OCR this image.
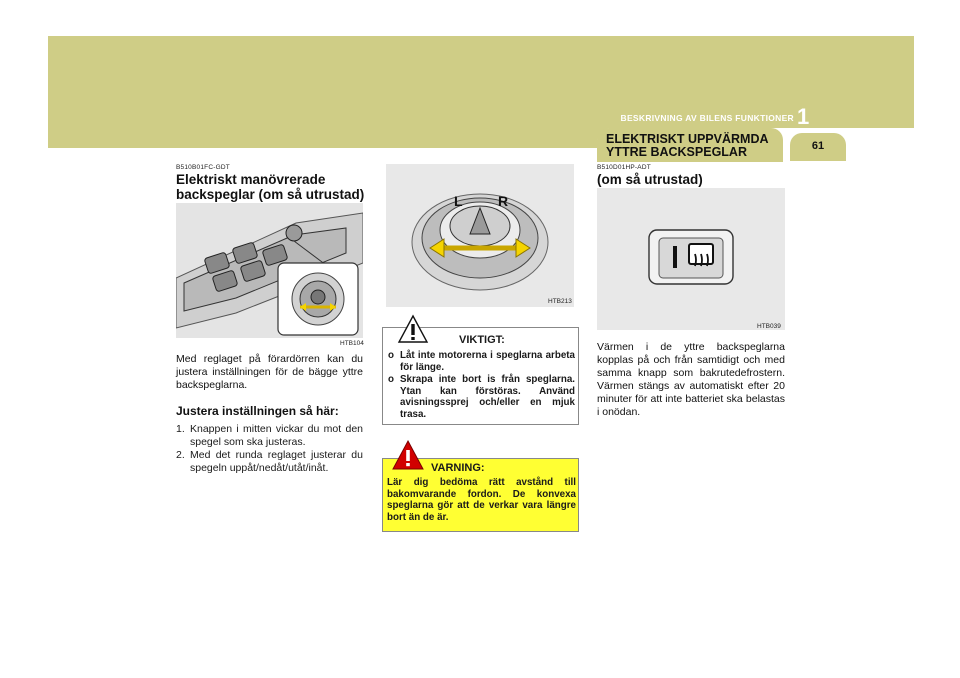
ELEKTRISKT UPPVÄRMDA YTTRE BACKSPEGLAR	61
BESKRIVNING AV BILENS FUNKTIONER 1
B510B01FC-GDT
Elektriskt manövrerade backspeglar (om så utrustad)
HTB104
Med reglaget på förardörren kan du justera inställningen för de bägge yttre backspeglarna.
Justera inställningen så här:
1. Knappen i mitten vickar du mot den spegel som ska justeras.
2. Med det runda reglaget justerar du spegeln uppåt/nedåt/utåt/inåt.
L	R
HTB213
VIKTIGT:
o Låt inte motorerna i speglarna arbeta för länge.
o Skrapa inte bort is från speglarna. Ytan kan förstöras. Använd avisningssprej och/eller en mjuk trasa.
VARNING:
Lär dig bedöma rätt avstånd till bakomvarande fordon. De konvexa speglarna gör att de verkar vara längre bort än de är.
B510D01HP-ADT
(om så utrustad)
HTB039
Värmen i de yttre backspeglarna kopplas på och från samtidigt och med samma knapp som bakrutedefrostern. Värmen stängs av automatiskt efter 20 minuter för att inte batteriet ska belastas i onödan.
